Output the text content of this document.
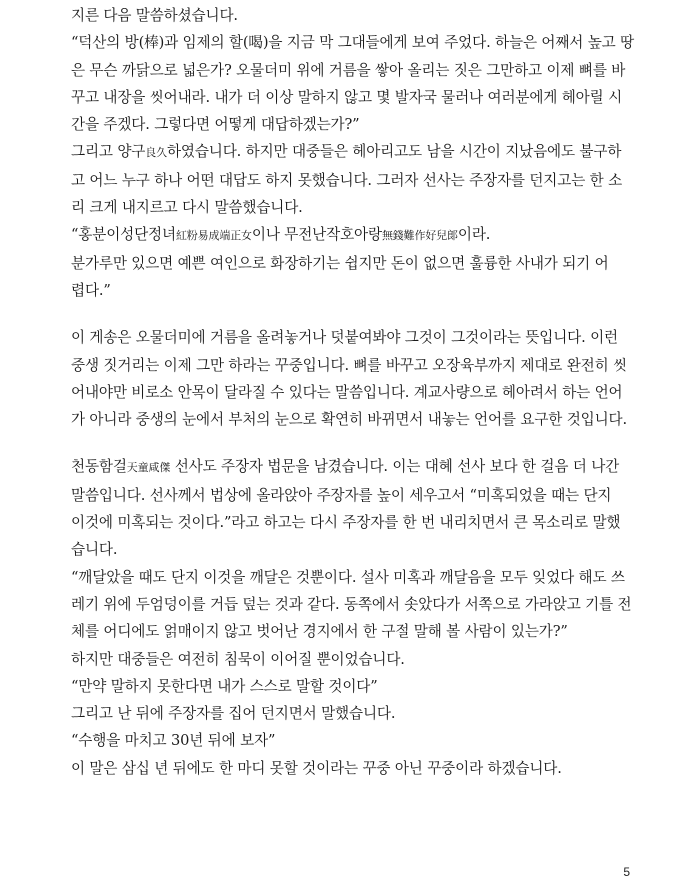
지른 다음 말씀하셨습니다.
“덕산의 방(棒)과 임제의 할(喝)을 지금 막 그대들에게 보여 주었다. 하늘은 어째서 높고 땅
은 무슨 까닭으로 넓은가? 오물더미 위에 거름을 쌓아 올리는 짓은 그만하고 이제 뼈를 바
꾸고 내장을 씻어내라. 내가 더 이상 말하지 않고 몇 발자국 물러나 여러분에게 헤아릴 시
간을 주겠다. 그렇다면 어떻게 대답하겠는가?”
그리고 양구良久하였습니다. 하지만 대중들은 헤아리고도 남을 시간이 지났음에도 불구하
고 어느 누구 하나 어떤 대답도 하지 못했습니다. 그러자 선사는 주장자를 던지고는 한 소
리 크게 내지르고 다시 말씀했습니다.
“홍분이성단정녀紅粉易成端正女이나 무전난작호아랑無錢難作好兒郞이라.
분가루만 있으면 예쁜 여인으로 화장하기는 쉽지만 돈이 없으면 훌륭한 사내가 되기 어
렵다.”
이 게송은 오물더미에 거름을 올려놓거나 덧붙여봐야 그것이 그것이라는 뜻입니다. 이런
중생 짓거리는 이제 그만 하라는 꾸중입니다. 뼈를 바꾸고 오장육부까지 제대로 완전히 씻
어내야만 비로소 안목이 달라질 수 있다는 말씀입니다. 계교사량으로 헤아려서 하는 언어
가 아니라 중생의 눈에서 부처의 눈으로 확연히 바뀌면서 내놓는 언어를 요구한 것입니다.
천동함걸天童咸傑 선사도 주장자 법문을 남겼습니다. 이는 대혜 선사 보다 한 걸음 더 나간
말씀입니다. 선사께서 법상에 올라앉아 주장자를 높이 세우고서 “미혹되었을 때는 단지
이것에 미혹되는 것이다.”라고 하고는 다시 주장자를 한 번 내리치면서 큰 목소리로 말했
습니다.
“깨달았을 때도 단지 이것을 깨달은 것뿐이다. 설사 미혹과 깨달음을 모두 잊었다 해도 쓰
레기 위에 두엄덩이를 거듭 덮는 것과 같다. 동쪽에서 솟았다가 서쪽으로 가라앉고 기틀 전
체를 어디에도 얽매이지 않고 벗어난 경지에서 한 구절 말해 볼 사람이 있는가?”
하지만 대중들은 여전히 침묵이 이어질 뿐이었습니다.
“만약 말하지 못한다면 내가 스스로 말할 것이다”
그리고 난 뒤에 주장자를 집어 던지면서 말했습니다.
“수행을 마치고 30년 뒤에 보자”
이 말은 삼십 년 뒤에도 한 마디 못할 것이라는 꾸중 아닌 꾸중이라 하겠습니다.
5
